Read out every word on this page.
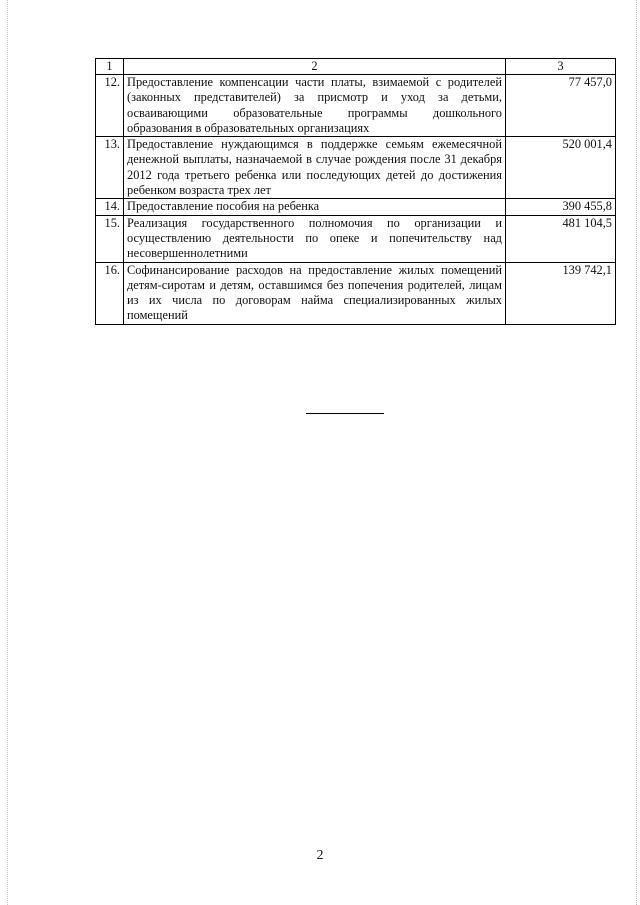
1	2	3
12.	Предоставление компенсации части платы, взимаемой с родителей (законных представителей) за присмотр и уход за детьми, осваивающими образовательные программы дошкольного образования в образовательных организациях	77 457,0
13.	Предоставление нуждающимся в поддержке семьям ежемесячной денежной выплаты, назначаемой в случае рождения после 31 декабря 2012 года третьего ребенка или последующих детей до достижения ребенком возраста трех лет	520 001,4
14.	Предоставление пособия на ребенка	390 455,8
15.	Реализация государственного полномочия по организации и осуществлению деятельности по опеке и попечительству над несовершеннолетними	481 104,5
16.	Софинансирование расходов на предоставление жилых помещений детям-сиротам и детям, оставшимся без попечения родителей, лицам из их числа по договорам найма специализированных жилых помещений	139 742,1
2
